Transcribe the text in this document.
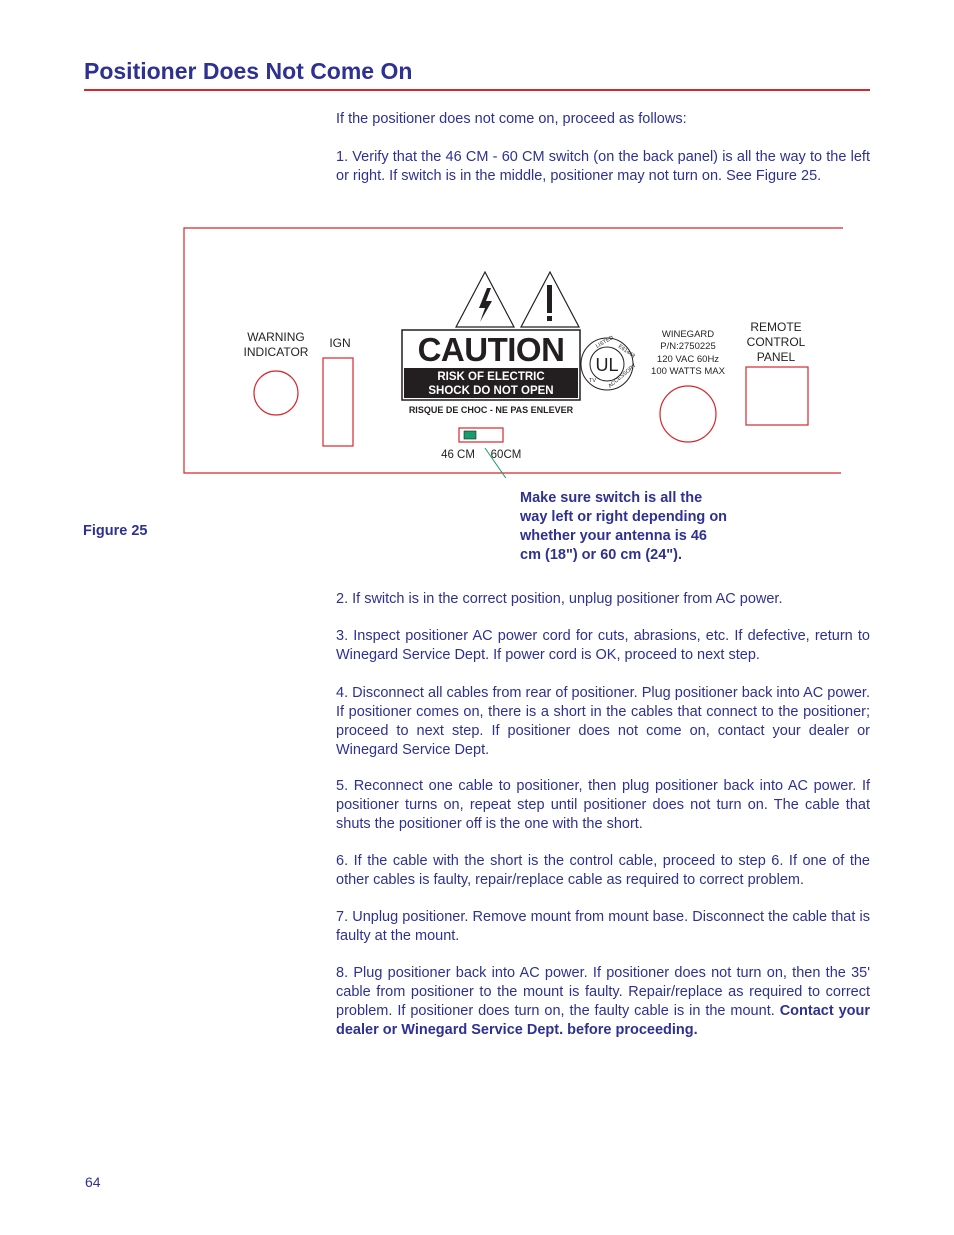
Positioner Does Not Come On
If the positioner does not come on, proceed as follows:
1. Verify that the 46 CM - 60 CM switch (on the back panel) is all the way to the left or right. If switch is in the middle, positioner may not turn on. See Figure 25.
WARNING
INDICATOR
IGN CAUTION
RISK OF ELECTRIC
SHOCK DO NOT OPEN
RISQUE DE CHOC - NE PAS ENLEVER
UL
LISTED
E61448
ACCESSORY
TV
WINEGARD
P/N:2750225
120 VAC 60Hz
100 WATTS MAX
REMOTE
CONTROL
PANEL
46 CM 60CM
Figure 25
Make sure switch is all the way left or right depending on whether your antenna is 46 cm (18") or 60 cm (24").
2. If switch is in the correct position, unplug positioner from AC power.
3. Inspect positioner AC power cord for cuts, abrasions, etc. If defective, return to Winegard Service Dept. If power cord is OK, proceed to next step.
4. Disconnect all cables from rear of positioner. Plug positioner back into AC power. If positioner comes on, there is a short in the cables that connect to the positioner; proceed to next step. If positioner does not come on, contact your dealer or Winegard Service Dept.
5. Reconnect one cable to positioner, then plug positioner back into AC power. If positioner turns on, repeat step until positioner does not turn on. The cable that shuts the positioner off is the one with the short.
6. If the cable with the short is the control cable, proceed to step 6. If one of the other cables is faulty, repair/replace cable as required to correct problem.
7. Unplug positioner. Remove mount from mount base. Disconnect the cable that is faulty at the mount.
8. Plug positioner back into AC power. If positioner does not turn on, then the 35' cable from positioner to the mount is faulty. Repair/replace as required to correct problem. If positioner does turn on, the faulty cable is in the mount. Contact your dealer or Winegard Service Dept. before proceeding.
64
